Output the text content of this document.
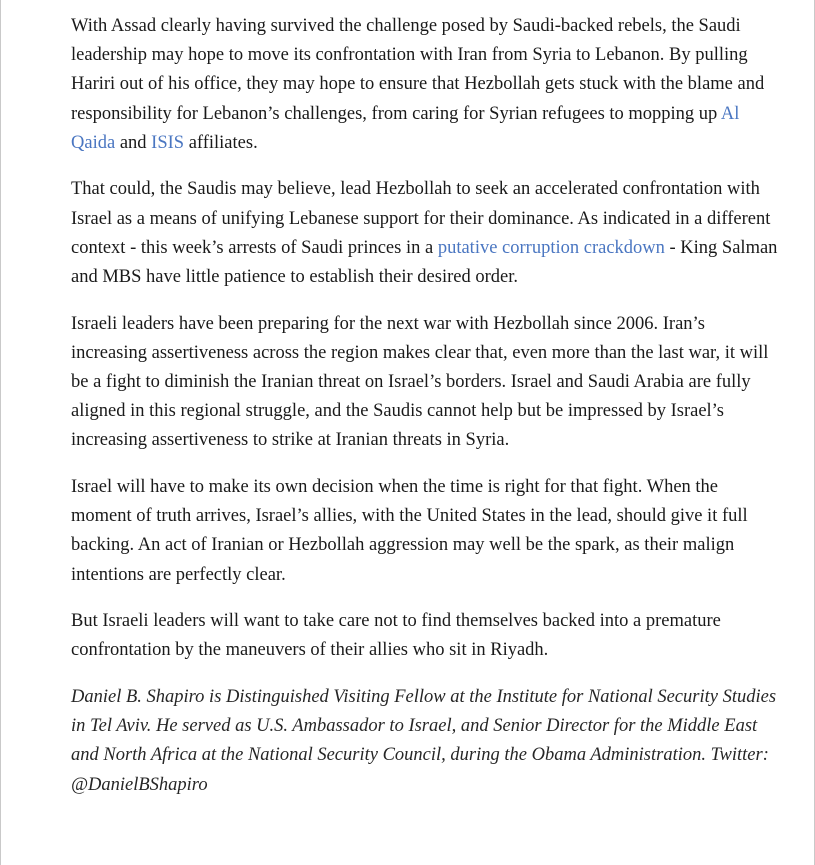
With Assad clearly having survived the challenge posed by Saudi-backed rebels, the Saudi leadership may hope to move its confrontation with Iran from Syria to Lebanon. By pulling Hariri out of his office, they may hope to ensure that Hezbollah gets stuck with the blame and responsibility for Lebanon’s challenges, from caring for Syrian refugees to mopping up Al Qaida and ISIS affiliates.

That could, the Saudis may believe, lead Hezbollah to seek an accelerated confrontation with Israel as a means of unifying Lebanese support for their dominance. As indicated in a different context - this week’s arrests of Saudi princes in a putative corruption crackdown - King Salman and MBS have little patience to establish their desired order.

Israeli leaders have been preparing for the next war with Hezbollah since 2006. Iran’s increasing assertiveness across the region makes clear that, even more than the last war, it will be a fight to diminish the Iranian threat on Israel’s borders. Israel and Saudi Arabia are fully aligned in this regional struggle, and the Saudis cannot help but be impressed by Israel’s increasing assertiveness to strike at Iranian threats in Syria.

Israel will have to make its own decision when the time is right for that fight. When the moment of truth arrives, Israel’s allies, with the United States in the lead, should give it full backing. An act of Iranian or Hezbollah aggression may well be the spark, as their malign intentions are perfectly clear.

But Israeli leaders will want to take care not to find themselves backed into a premature confrontation by the maneuvers of their allies who sit in Riyadh.

Daniel B. Shapiro is Distinguished Visiting Fellow at the Institute for National Security Studies in Tel Aviv. He served as U.S. Ambassador to Israel, and Senior Director for the Middle East and North Africa at the National Security Council, during the Obama Administration. Twitter: @DanielBShapiro
